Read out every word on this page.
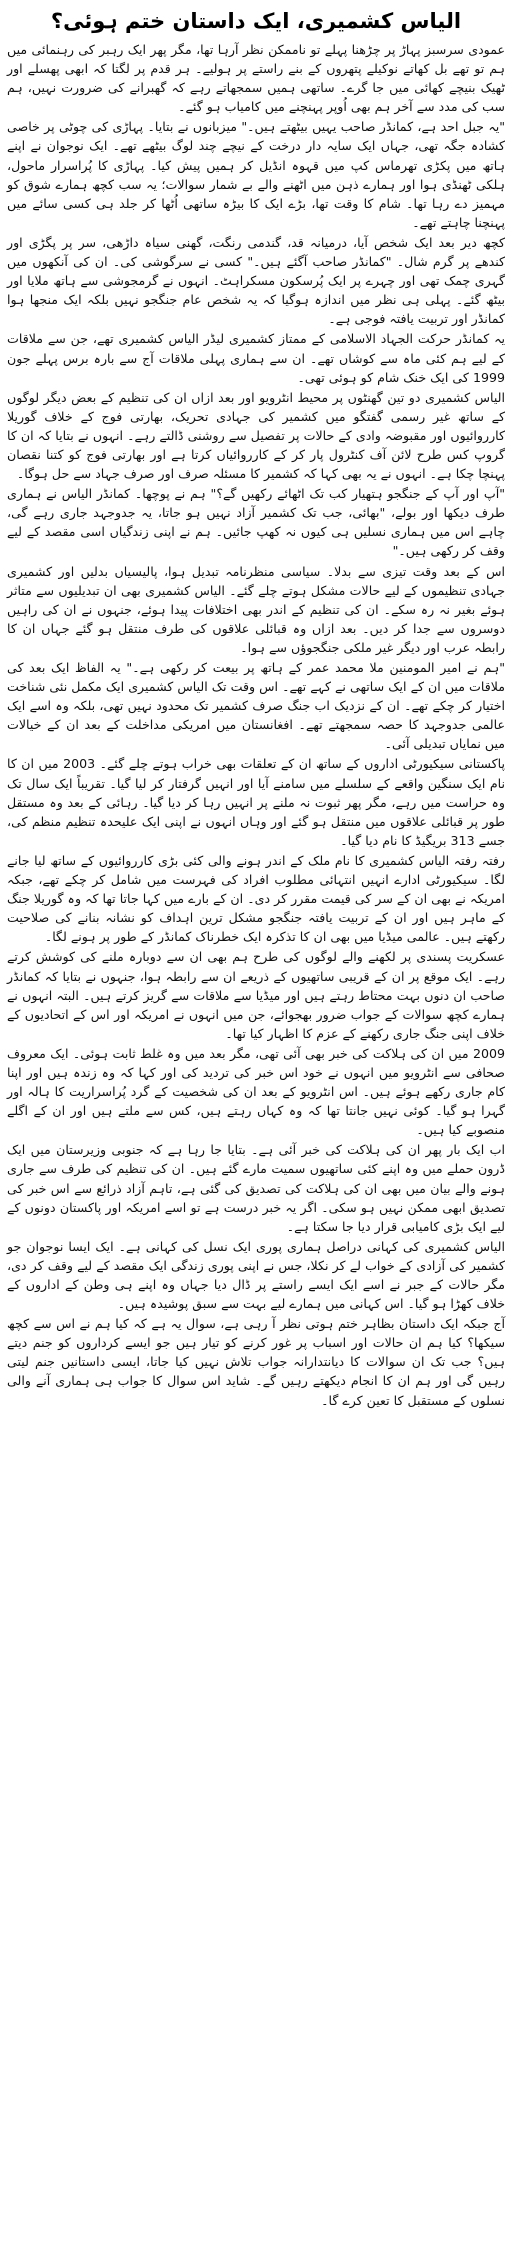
الیاس کشمیری، ایک داستان ختم ہوئی؟

عمودی سرسبز پہاڑ پر چڑھنا پہلے تو ناممکن نظر آرہا تھا، مگر پھر ایک رہبر کی رہنمائی میں ہم تو تھے بل کھاتے نوکیلے پتھروں کے بنے راستے پر ہولیے۔ ہر قدم پر لگتا کہ ابھی پھسلے اور ٹھیک بنیچے کھائی میں جا گرے۔ ساتھی ہمیں سمجھاتے رہے کہ گھبرانے کی ضرورت نہیں، ہم سب کی مدد سے آخر ہم بھی اُوپر پہنچنے میں کامیاب ہو گئے۔

"یہ جبل احد ہے، کمانڈر صاحب یہیں بیٹھتے ہیں۔" میزبانوں نے بتایا۔ پہاڑی کی چوٹی پر خاصی کشادہ جگہ تھی، جہاں ایک سایہ دار درخت کے نیچے چند لوگ بیٹھے تھے۔ ایک نوجوان نے اپنے ہاتھ میں پکڑی تھرماس کپ میں قہوہ انڈیل کر ہمیں پیش کیا۔ پہاڑی کا پُراسرار ماحول، ہلکی ٹھنڈی ہوا اور ہمارے ذہن میں اٹھنے والے بے شمار سوالات؛ یہ سب کچھ ہمارے شوق کو مہمیز دے رہا تھا۔ شام کا وقت تھا، بڑے ایک کا بیڑہ ساتھی اُٹھا کر جلد ہی کسی سائے میں پہنچنا چاہتے تھے۔

کچھ دیر بعد ایک شخص آیا، درمیانہ قد، گندمی رنگت، گھنی سیاہ داڑھی، سر پر پگڑی اور کندھے پر گرم شال۔ "کمانڈر صاحب آگئے ہیں۔" کسی نے سرگوشی کی۔ ان کی آنکھوں میں گہری چمک تھی اور چہرے پر ایک پُرسکون مسکراہٹ۔ انہوں نے گرمجوشی سے ہاتھ ملایا اور بیٹھ گئے۔ پہلی ہی نظر میں اندازہ ہوگیا کہ یہ شخص عام جنگجو نہیں بلکہ ایک منجھا ہوا کمانڈر اور تربیت یافتہ فوجی ہے۔

یہ کمانڈر حرکت الجہاد الاسلامی کے ممتاز کشمیری لیڈر الیاس کشمیری تھے، جن سے ملاقات کے لیے ہم کئی ماہ سے کوشاں تھے۔ ان سے ہماری پہلی ملاقات آج سے بارہ برس پہلے جون 1999 کی ایک خنک شام کو ہوئی تھی۔

الیاس کشمیری دو تین گھنٹوں پر محیط انٹرویو اور بعد ازاں ان کی تنظیم کے بعض دیگر لوگوں کے ساتھ غیر رسمی گفتگو میں کشمیر کی جہادی تحریک، بھارتی فوج کے خلاف گوریلا کارروائیوں اور مقبوضہ وادی کے حالات پر تفصیل سے روشنی ڈالتے رہے۔ انہوں نے بتایا کہ ان کا گروپ کس طرح لائن آف کنٹرول پار کر کے کارروائیاں کرتا ہے اور بھارتی فوج کو کتنا نقصان پہنچا چکا ہے۔ انہوں نے یہ بھی کہا کہ کشمیر کا مسئلہ صرف اور صرف جہاد سے حل ہوگا۔

"آپ اور آپ کے جنگجو ہتھیار کب تک اٹھائے رکھیں گے؟" ہم نے پوچھا۔ کمانڈر الیاس نے ہماری طرف دیکھا اور بولے، "بھائی، جب تک کشمیر آزاد نہیں ہو جاتا، یہ جدوجہد جاری رہے گی، چاہے اس میں ہماری نسلیں ہی کیوں نہ کھپ جائیں۔ ہم نے اپنی زندگیاں اسی مقصد کے لیے وقف کر رکھی ہیں۔"

اس کے بعد وقت تیزی سے بدلا۔ سیاسی منظرنامہ تبدیل ہوا، پالیسیاں بدلیں اور کشمیری جہادی تنظیموں کے لیے حالات مشکل ہوتے چلے گئے۔ الیاس کشمیری بھی ان تبدیلیوں سے متاثر ہوئے بغیر نہ رہ سکے۔ ان کی تنظیم کے اندر بھی اختلافات پیدا ہوئے، جنہوں نے ان کی راہیں دوسروں سے جدا کر دیں۔ بعد ازاں وہ قبائلی علاقوں کی طرف منتقل ہو گئے جہاں ان کا رابطہ عرب اور دیگر غیر ملکی جنگجوؤں سے ہوا۔

"ہم نے امیر المومنین ملا محمد عمر کے ہاتھ پر بیعت کر رکھی ہے۔" یہ الفاظ ایک بعد کی ملاقات میں ان کے ایک ساتھی نے کہے تھے۔ اس وقت تک الیاس کشمیری ایک مکمل نئی شناخت اختیار کر چکے تھے۔ ان کے نزدیک اب جنگ صرف کشمیر تک محدود نہیں تھی، بلکہ وہ اسے ایک عالمی جدوجہد کا حصہ سمجھتے تھے۔ افغانستان میں امریکی مداخلت کے بعد ان کے خیالات میں نمایاں تبدیلی آئی۔

پاکستانی سیکیورٹی اداروں کے ساتھ ان کے تعلقات بھی خراب ہوتے چلے گئے۔ 2003 میں ان کا نام ایک سنگین واقعے کے سلسلے میں سامنے آیا اور انہیں گرفتار کر لیا گیا۔ تقریباً ایک سال تک وہ حراست میں رہے، مگر پھر ثبوت نہ ملنے پر انہیں رہا کر دیا گیا۔ رہائی کے بعد وہ مستقل طور پر قبائلی علاقوں میں منتقل ہو گئے اور وہاں انہوں نے اپنی ایک علیحدہ تنظیم منظم کی، جسے 313 بریگیڈ کا نام دیا گیا۔

رفتہ رفتہ الیاس کشمیری کا نام ملک کے اندر ہونے والی کئی بڑی کارروائیوں کے ساتھ لیا جانے لگا۔ سیکیورٹی ادارے انہیں انتہائی مطلوب افراد کی فہرست میں شامل کر چکے تھے، جبکہ امریکہ نے بھی ان کے سر کی قیمت مقرر کر دی۔ ان کے بارے میں کہا جاتا تھا کہ وہ گوریلا جنگ کے ماہر ہیں اور ان کے تربیت یافتہ جنگجو مشکل ترین اہداف کو نشانہ بنانے کی صلاحیت رکھتے ہیں۔ عالمی میڈیا میں بھی ان کا تذکرہ ایک خطرناک کمانڈر کے طور پر ہونے لگا۔

عسکریت پسندی پر لکھنے والے لوگوں کی طرح ہم بھی ان سے دوبارہ ملنے کی کوشش کرتے رہے۔ ایک موقع پر ان کے قریبی ساتھیوں کے ذریعے ان سے رابطہ ہوا، جنہوں نے بتایا کہ کمانڈر صاحب ان دنوں بہت محتاط رہتے ہیں اور میڈیا سے ملاقات سے گریز کرتے ہیں۔ البتہ انہوں نے ہمارے کچھ سوالات کے جواب ضرور بھجوائے، جن میں انہوں نے امریکہ اور اس کے اتحادیوں کے خلاف اپنی جنگ جاری رکھنے کے عزم کا اظہار کیا تھا۔

2009 میں ان کی ہلاکت کی خبر بھی آئی تھی، مگر بعد میں وہ غلط ثابت ہوئی۔ ایک معروف صحافی سے انٹرویو میں انہوں نے خود اس خبر کی تردید کی اور کہا کہ وہ زندہ ہیں اور اپنا کام جاری رکھے ہوئے ہیں۔ اس انٹرویو کے بعد ان کی شخصیت کے گرد پُراسراریت کا ہالہ اور گہرا ہو گیا۔ کوئی نہیں جانتا تھا کہ وہ کہاں رہتے ہیں، کس سے ملتے ہیں اور ان کے اگلے منصوبے کیا ہیں۔

اب ایک بار پھر ان کی ہلاکت کی خبر آئی ہے۔ بتایا جا رہا ہے کہ جنوبی وزیرستان میں ایک ڈرون حملے میں وہ اپنے کئی ساتھیوں سمیت مارے گئے ہیں۔ ان کی تنظیم کی طرف سے جاری ہونے والے بیان میں بھی ان کی ہلاکت کی تصدیق کی گئی ہے، تاہم آزاد ذرائع سے اس خبر کی تصدیق ابھی ممکن نہیں ہو سکی۔ اگر یہ خبر درست ہے تو اسے امریکہ اور پاکستان دونوں کے لیے ایک بڑی کامیابی قرار دیا جا سکتا ہے۔

الیاس کشمیری کی کہانی دراصل ہماری پوری ایک نسل کی کہانی ہے۔ ایک ایسا نوجوان جو کشمیر کی آزادی کے خواب لے کر نکلا، جس نے اپنی پوری زندگی ایک مقصد کے لیے وقف کر دی، مگر حالات کے جبر نے اسے ایک ایسے راستے پر ڈال دیا جہاں وہ اپنے ہی وطن کے اداروں کے خلاف کھڑا ہو گیا۔ اس کہانی میں ہمارے لیے بہت سے سبق پوشیدہ ہیں۔

آج جبکہ ایک داستان بظاہر ختم ہوتی نظر آ رہی ہے، سوال یہ ہے کہ کیا ہم نے اس سے کچھ سیکھا؟ کیا ہم ان حالات اور اسباب پر غور کرنے کو تیار ہیں جو ایسے کرداروں کو جنم دیتے ہیں؟ جب تک ان سوالات کا دیانتدارانہ جواب تلاش نہیں کیا جاتا، ایسی داستانیں جنم لیتی رہیں گی اور ہم ان کا انجام دیکھتے رہیں گے۔ شاید اس سوال کا جواب ہی ہماری آنے والی نسلوں کے مستقبل کا تعین کرے گا۔
